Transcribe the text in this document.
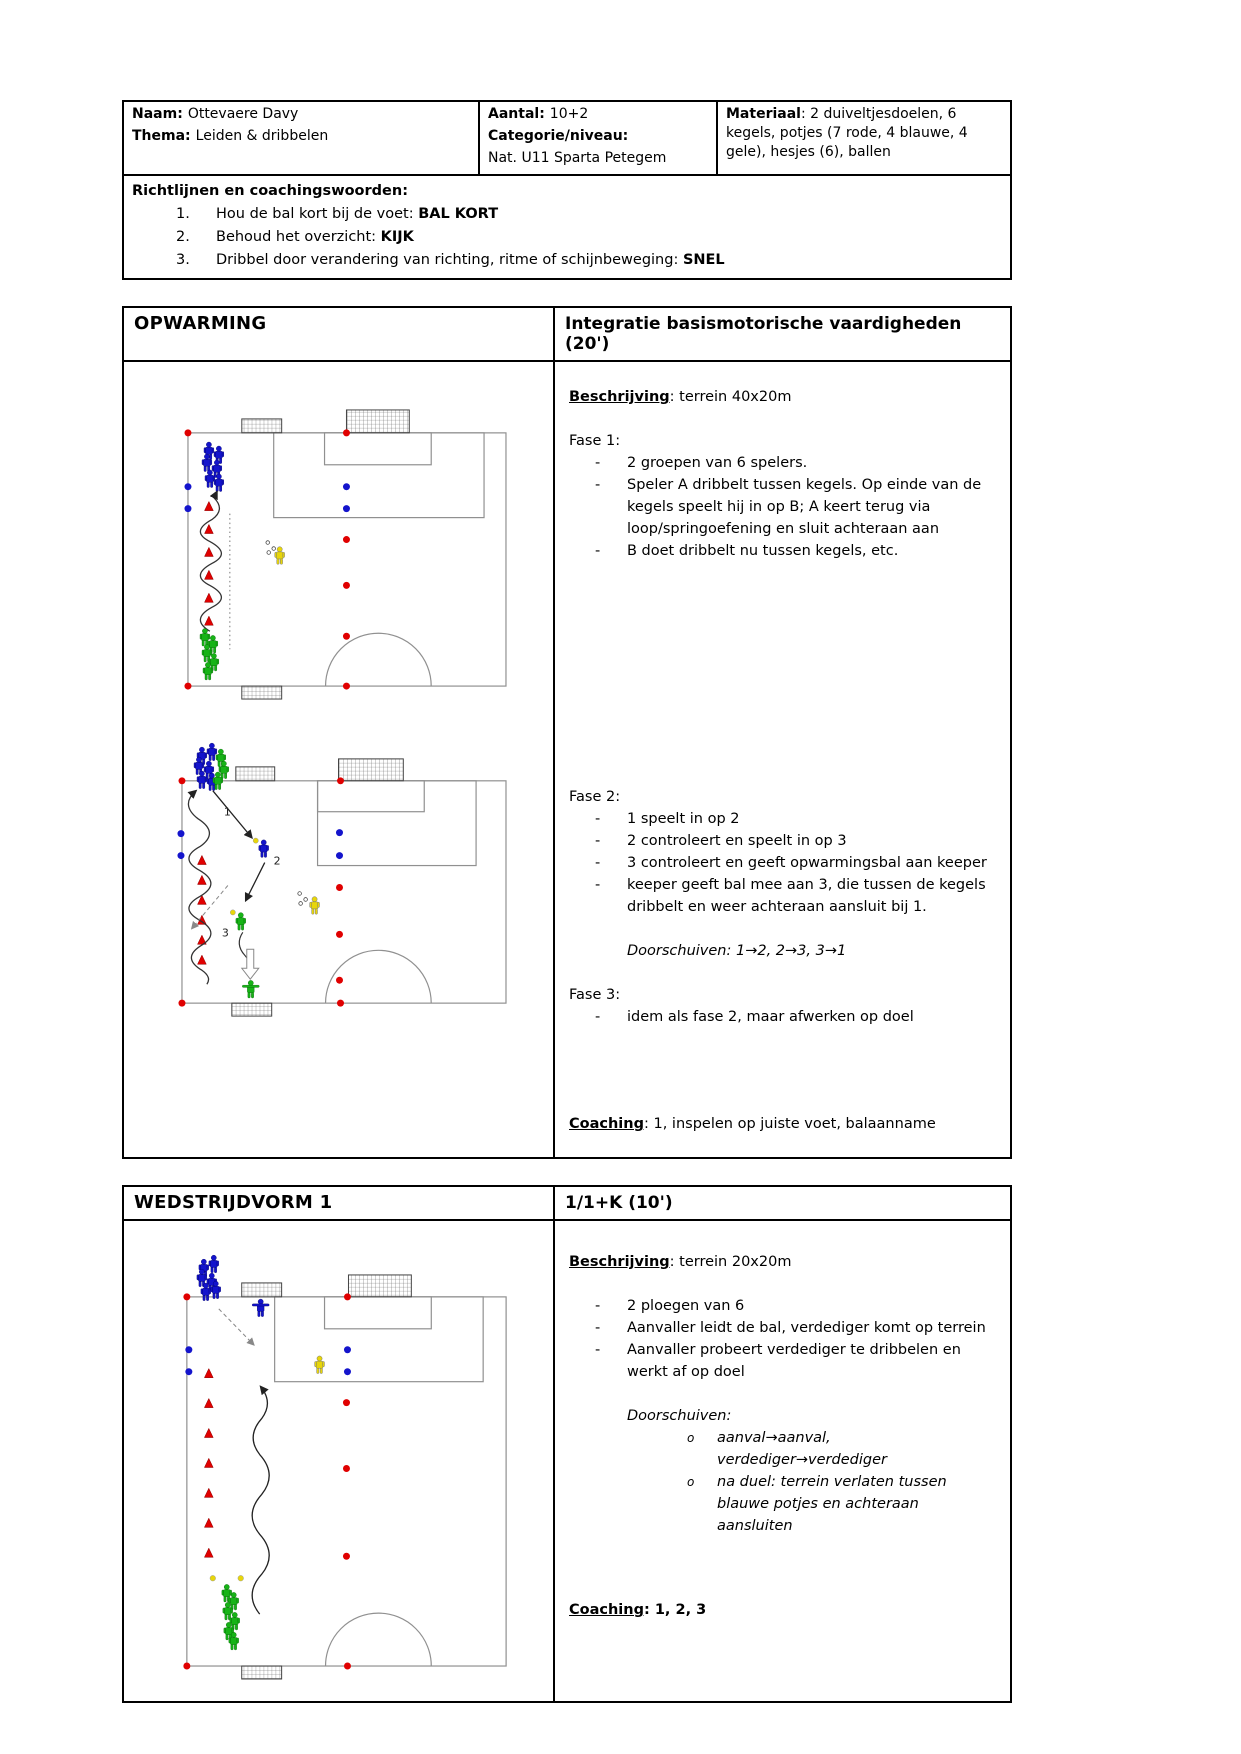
Naam: Ottevaere Davy
Thema: Leiden & dribbelen
Aantal: 10+2
Categorie/niveau:
Nat. U11 Sparta Petegem
Materiaal: 2 duiveltjesdoelen, 6 kegels, potjes (7 rode, 4 blauwe, 4 gele), hesjes (6), ballen
Richtlijnen en coachingswoorden:
1.	Hou de bal kort bij de voet: BAL KORT
2.	Behoud het overzicht: KIJK
3.	Dribbel door verandering van richting, ritme of schijnbeweging: SNEL
OPWARMING	Integratie basismotorische vaardigheden (20')
1
2
3
Beschrijving: terrein 40x20m
Fase 1:
-	2 groepen van 6 spelers.
-	Speler A dribbelt tussen kegels. Op einde van de kegels speelt hij in op B; A keert terug via loop/springoefening en sluit achteraan aan
-	B doet dribbelt nu tussen kegels, etc.
Fase 2:
-	1 speelt in op 2
-	2 controleert en speelt in op 3
-	3 controleert en geeft opwarmingsbal aan keeper
-	keeper geeft bal mee aan 3, die tussen de kegels dribbelt en weer achteraan aansluit bij 1.
Doorschuiven: 1→2, 2→3, 3→1
Fase 3:
-	idem als fase 2, maar afwerken op doel
Coaching: 1, inspelen op juiste voet, balaanname
WEDSTRIJDVORM 1	1/1+K (10')
Beschrijving: terrein 20x20m
-	2 ploegen van 6
-	Aanvaller leidt de bal, verdediger komt op terrein
-	Aanvaller probeert verdediger te dribbelen en werkt af op doel
Doorschuiven:
o	aanval→aanval, verdediger→verdediger
o	na duel: terrein verlaten tussen blauwe potjes en achteraan aansluiten
Coaching: 1, 2, 3
